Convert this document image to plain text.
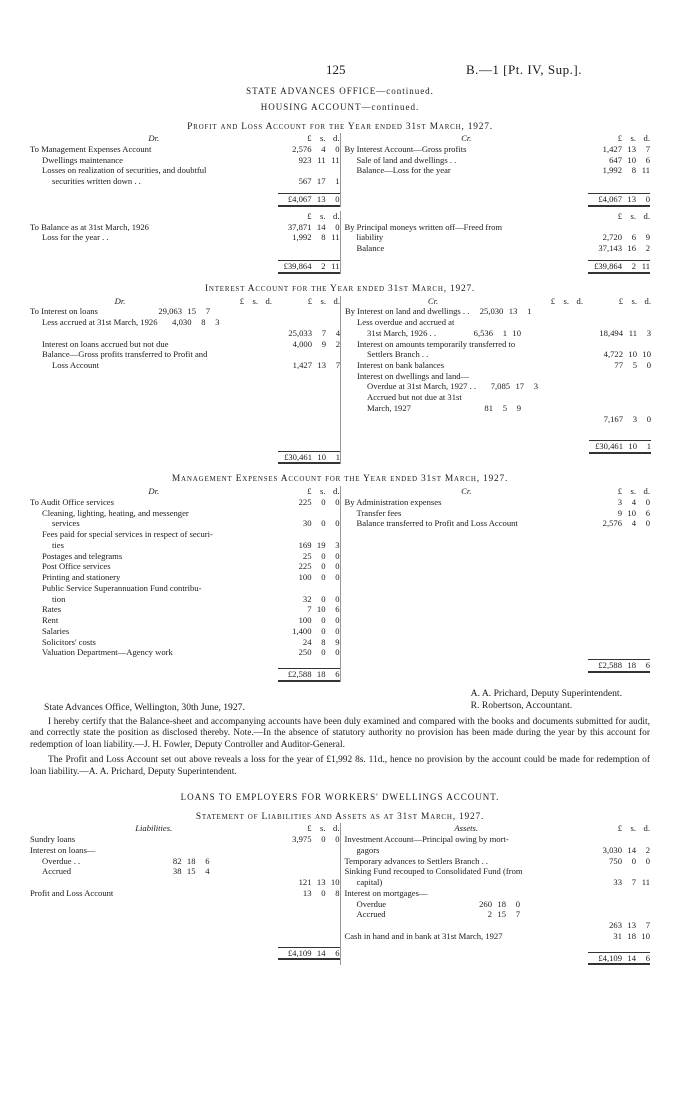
125	B.—1 [Pt. IV, Sup.].
STATE ADVANCES OFFICE—continued.
HOUSING ACCOUNT—continued.
Profit and Loss Account for the Year ended 31st March, 1927.
Dr.	£ s. d.
To Management Expenses Account	2,576	4	0
Dwellings maintenance	923 11 11
Losses on realization of securities, and doubtful
securities written down . .	567 17	1
£4,067 13	0
Cr.	£ s. d.
By Interest Account—Gross profits	1,427 13	7
Sale of land and dwellings . .	647 10	6
Balance—Loss for the year	1,992	8 11
£4,067 13	0
£ s. d.
To Balance as at 31st March, 1926	37,871 14	0
Loss for the year . .	1,992	8 11
£39,864	2 11
£ s. d.
By Principal moneys written off—Freed from
liability	2,720	6	9
Balance	37,143 16	2
£39,864	2 11
Interest Account for the Year ended 31st March, 1927.
Dr.	£ s. d.	£ s. d.
To Interest on loans	29,063 15	7
Less accrued at 31st March, 1926	4,030	8	3
25,033	7	4
Interest on loans accrued but not due	4,000	9	2
Balance—Gross profits transferred to Profit and
Loss Account	1,427 13	7
£30,461 10	1
Cr.	£ s. d.	£ s. d.
By Interest on land and dwellings . .	25,030 13	1
Less overdue and accrued at
31st March, 1926 . .	6,536	1 10	18,494 11	3
Interest on amounts temporarily transferred to
Settlers Branch . .	4,722 10 10
Interest on bank balances	77	5	0
Interest on dwellings and land—
Overdue at 31st March, 1927 . .	7,085 17	3
Accrued but not due at 31st
March, 1927	81	5	9
7,167	3	0
£30,461 10	1
Management Expenses Account for the Year ended 31st March, 1927.
Dr.	£ s. d.
To Audit Office services	225	0	0
Cleaning, lighting, heating, and messenger
services	30	0	0
Fees paid for special services in respect of securi-
ties	169 19	3
Postages and telegrams	25	0	0
Post Office services	225	0	0
Printing and stationery	100	0	0
Public Service Superannuation Fund contribu-
tion	32	0	0
Rates	7 10	6
Rent	100	0	0
Salaries	1,400	0	0
Solicitors' costs	24	8	9
Valuation Department—Agency work	250	0	0
£2,588 18	6
Cr.	£ s. d.
By Administration expenses	3	4	0
Transfer fees	9 10	6
Balance transferred to Profit and Loss Account	2,576	4	0
£2,588 18	6
State Advances Office, Wellington, 30th June, 1927.
A. A. Prichard, Deputy Superintendent.
R. Robertson, Accountant.

I hereby certify that the Balance-sheet and accompanying accounts have been duly examined and compared with the books and documents submitted for audit, and correctly state the position as disclosed thereby. Note.—In the absence of statutory authority no provision has been made during the year by this account for redemption of loan liability.—J. H. Fowler, Deputy Controller and Auditor-General.

The Profit and Loss Account set out above reveals a loss for the year of £1,992 8s. 11d., hence no provision by the account could be made for redemption of loan liability.—A. A. Prichard, Deputy Superintendent.

LOANS TO EMPLOYERS FOR WORKERS' DWELLINGS ACCOUNT.
Statement of Liabilities and Assets as at 31st March, 1927.
Liabilities.	£ s. d.
Sundry loans	3,975	0	0
Interest on loans—
Overdue . .	82 18	6
Accrued	38 15	4
121 13 10
Profit and Loss Account	13	0	8
£4,109 14	6
Assets.	£ s. d.
Investment Account—Principal owing by mort-
gagors	3,030 14	2
Temporary advances to Settlers Branch . .	750	0	0
Sinking Fund recouped to Consolidated Fund (from
capital)	33	7 11
Interest on mortgages—
Overdue	260 18	0
Accrued	2 15	7
263 13	7
Cash in hand and in bank at 31st March, 1927	31 18 10
£4,109 14	6
